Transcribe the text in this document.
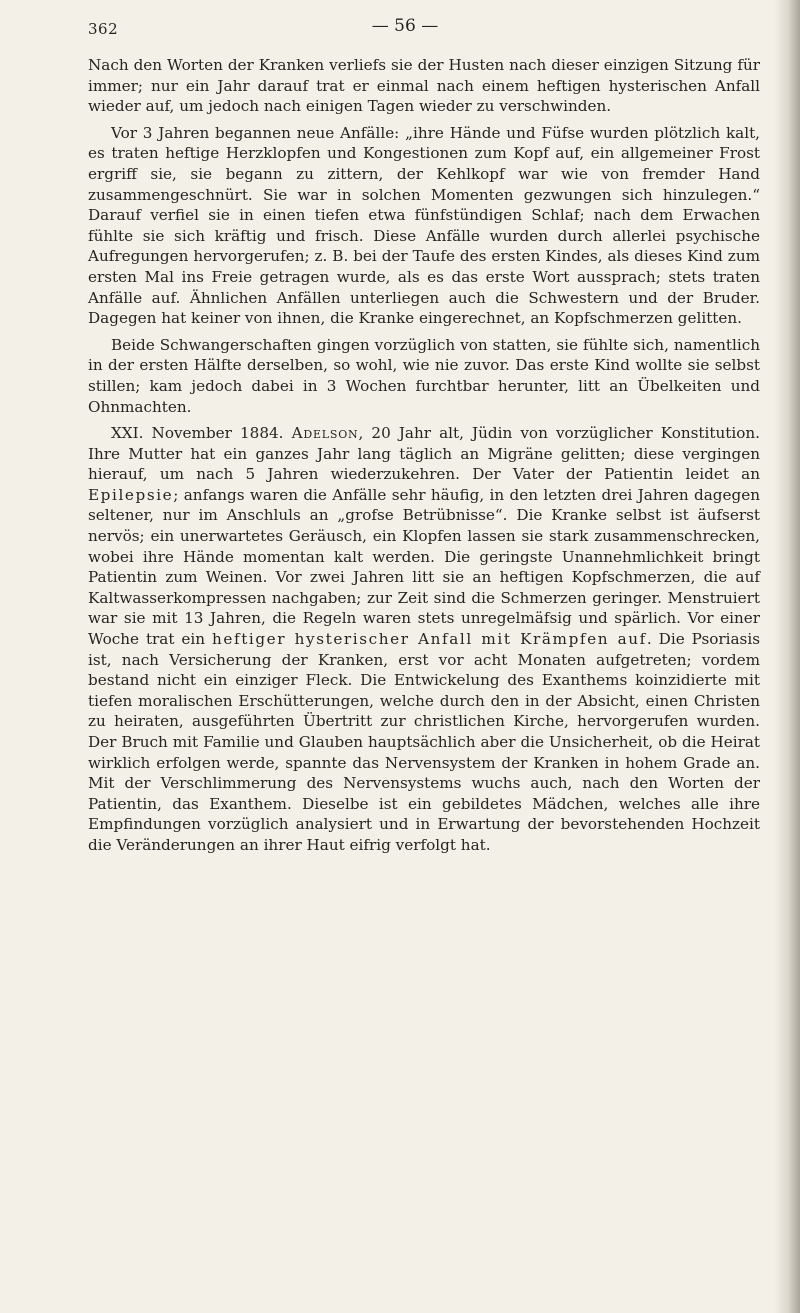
362	— 56 —

Nach den Worten der Kranken verliefs sie der Husten nach dieser einzigen Sitzung für immer; nur ein Jahr darauf trat er einmal nach einem heftigen hysterischen Anfall wieder auf, um jedoch nach einigen Tagen wieder zu verschwinden.

Vor 3 Jahren begannen neue Anfälle: „ihre Hände und Füfse wurden plötzlich kalt, es traten heftige Herzklopfen und Kongestionen zum Kopf auf, ein allgemeiner Frost ergriff sie, sie begann zu zittern, der Kehlkopf war wie von fremder Hand zusammengeschnürt. Sie war in solchen Momenten gezwungen sich hinzulegen.“ Darauf verfiel sie in einen tiefen etwa fünfstündigen Schlaf; nach dem Erwachen fühlte sie sich kräftig und frisch. Diese Anfälle wurden durch allerlei psychische Aufregungen hervorgerufen; z. B. bei der Taufe des ersten Kindes, als dieses Kind zum ersten Mal ins Freie getragen wurde, als es das erste Wort aussprach; stets traten Anfälle auf. Ähnlichen Anfällen unterliegen auch die Schwestern und der Bruder. Dagegen hat keiner von ihnen, die Kranke eingerechnet, an Kopfschmerzen gelitten.

Beide Schwangerschaften gingen vorzüglich von statten, sie fühlte sich, namentlich in der ersten Hälfte derselben, so wohl, wie nie zuvor. Das erste Kind wollte sie selbst stillen; kam jedoch dabei in 3 Wochen furchtbar herunter, litt an Übelkeiten und Ohnmachten.

XXI. November 1884. Adelson, 20 Jahr alt, Jüdin von vorzüglicher Konstitution. Ihre Mutter hat ein ganzes Jahr lang täglich an Migräne gelitten; diese vergingen hierauf, um nach 5 Jahren wiederzukehren. Der Vater der Patientin leidet an Epilepsie; anfangs waren die Anfälle sehr häufig, in den letzten drei Jahren dagegen seltener, nur im Anschluls an „grofse Betrübnisse“. Die Kranke selbst ist äufserst nervös; ein unerwartetes Geräusch, ein Klopfen lassen sie stark zusammenschrecken, wobei ihre Hände momentan kalt werden. Die geringste Unannehmlichkeit bringt Patientin zum Weinen. Vor zwei Jahren litt sie an heftigen Kopfschmerzen, die auf Kaltwasserkompressen nachgaben; zur Zeit sind die Schmerzen geringer. Menstruiert war sie mit 13 Jahren, die Regeln waren stets unregelmäfsig und spärlich. Vor einer Woche trat ein heftiger hysterischer Anfall mit Krämpfen auf. Die Psoriasis ist, nach Versicherung der Kranken, erst vor acht Monaten aufgetreten; vordem bestand nicht ein einziger Fleck. Die Entwickelung des Exanthems koinzidierte mit tiefen moralischen Erschütterungen, welche durch den in der Absicht, einen Christen zu heiraten, ausgeführten Übertritt zur christlichen Kirche, hervorgerufen wurden. Der Bruch mit Familie und Glauben hauptsächlich aber die Unsicherheit, ob die Heirat wirklich erfolgen werde, spannte das Nervensystem der Kranken in hohem Grade an. Mit der Verschlimmerung des Nervensystems wuchs auch, nach den Worten der Patientin, das Exanthem. Dieselbe ist ein gebildetes Mädchen, welches alle ihre Empfindungen vorzüglich analysiert und in Erwartung der bevorstehenden Hochzeit die Veränderungen an ihrer Haut eifrig verfolgt hat.
